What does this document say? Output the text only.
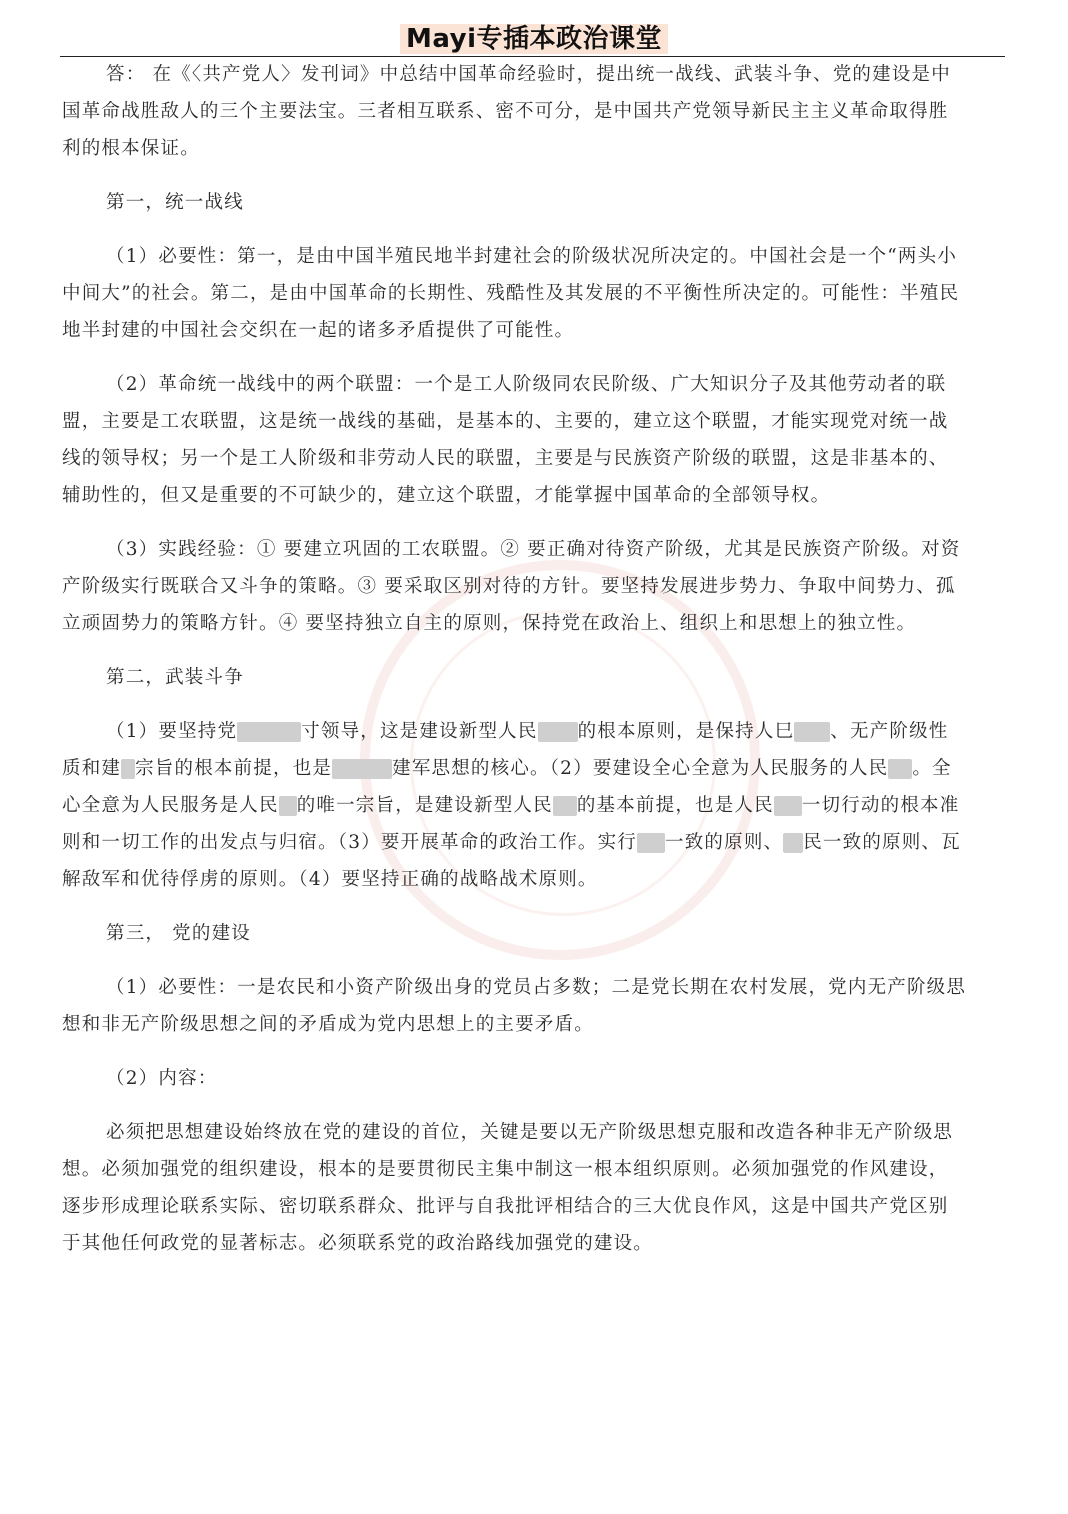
Mayi专插本政治课堂

答： 在《〈共产党人〉发刊词》中总结中国革命经验时，提出统一战线、武装斗争、党的建设是中国革命战胜敌人的三个主要法宝。三者相互联系、密不可分，是中国共产党领导新民主主义革命取得胜利的根本保证。

第一，统一战线

（1）必要性：第一，是由中国半殖民地半封建社会的阶级状况所决定的。中国社会是一个“两头小中间大”的社会。第二，是由中国革命的长期性、残酷性及其发展的不平衡性所决定的。可能性：半殖民地半封建的中国社会交织在一起的诸多矛盾提供了可能性。

（2）革命统一战线中的两个联盟：一个是工人阶级同农民阶级、广大知识分子及其他劳动者的联盟，主要是工农联盟，这是统一战线的基础，是基本的、主要的，建立这个联盟，才能实现党对统一战线的领导权；另一个是工人阶级和非劳动人民的联盟，主要是与民族资产阶级的联盟，这是非基本的、辅助性的，但又是重要的不可缺少的，建立这个联盟，才能掌握中国革命的全部领导权。

（3）实践经验：① 要建立巩固的工农联盟。② 要正确对待资产阶级，尤其是民族资产阶级。对资产阶级实行既联合又斗争的策略。③ 要采取区别对待的方针。要坚持发展进步势力、争取中间势力、孤立顽固势力的策略方针。④ 要坚持独立自主的原则，保持党在政治上、组织上和思想上的独立性。

第二，武装斗争

（1）要坚持党	寸领导，这是建设新型人民 的根本原则，是保持人巳 、无产阶级性质和建 宗旨的根本前提，也是	建军思想的核心。（2）要建设全心全意为人民服务的人民 。全心全意为人民服务是人民 的唯一宗旨，是建设新型人民 的基本前提，也是人民 一切行动的根本准则和一切工作的出发点与归宿。（3）要开展革命的政治工作。实行 一致的原则、 民一致的原则、瓦解敌军和优待俘虏的原则。（4）要坚持正确的战略战术原则。

第三， 党的建设

（1）必要性：一是农民和小资产阶级出身的党员占多数；二是党长期在农村发展，党内无产阶级思想和非无产阶级思想之间的矛盾成为党内思想上的主要矛盾。

（2）内容：

必须把思想建设始终放在党的建设的首位，关键是要以无产阶级思想克服和改造各种非无产阶级思想。必须加强党的组织建设，根本的是要贯彻民主集中制这一根本组织原则。必须加强党的作风建设，逐步形成理论联系实际、密切联系群众、批评与自我批评相结合的三大优良作风，这是中国共产党区别于其他任何政党的显著标志。必须联系党的政治路线加强党的建设。
